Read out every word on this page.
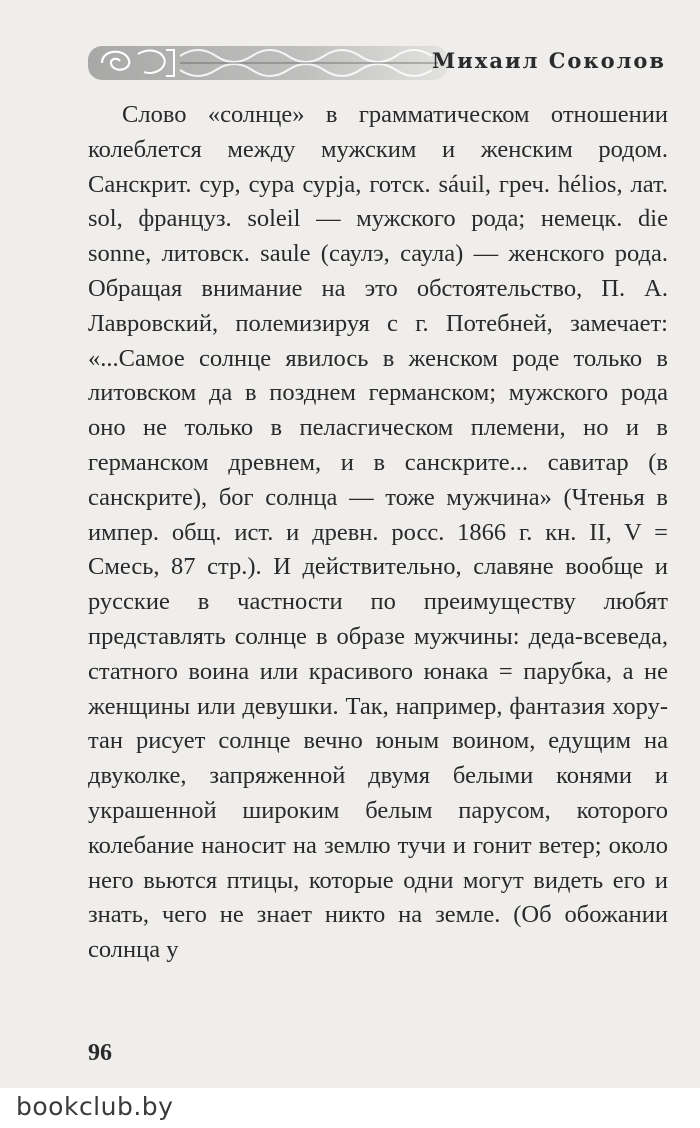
Михаил Соколов

Слово «солнце» в грамматическом отношении колеблется между мужским и женским родом. Санскрит. сур, сура сурjа, готск. sáuil, греч. hélios, лат. sol, француз. soleil — мужского рода; немецк. die sonne, литовск. saule (саулэ, саула) — женского рода. Обращая внимание на это обстоятельство, П. А. Лавровский, полемизируя с г. Потебней, замечает: «...Самое солнце явилось в женском роде только в литовском да в позднем германском; мужского рода оно не только в пеласгическом племени, но и в германском древнем, и в санскрите... савитар (в санскрите), бог солнца — тоже мужчина» (Чтенья в импер. общ. ист. и древн. росс. 1866 г. кн. II, V = Смесь, 87 стр.). И действительно, славяне вообще и русские в частности по преимуществу любят представлять солнце в образе мужчины: деда-всеведа, статного воина или красивого юнака = парубка, а не женщины или девушки. Так, например, фантазия хорутан рисует солнце вечно юным воином, едущим на двуколке, запряженной двумя белыми конями и украшенной широким белым парусом, которого колебание наносит на землю тучи и гонит ветер; около него вьются птицы, которые одни могут видеть его и знать, чего не знает никто на земле. (Об обожании солнца у

96
bookclub.by
